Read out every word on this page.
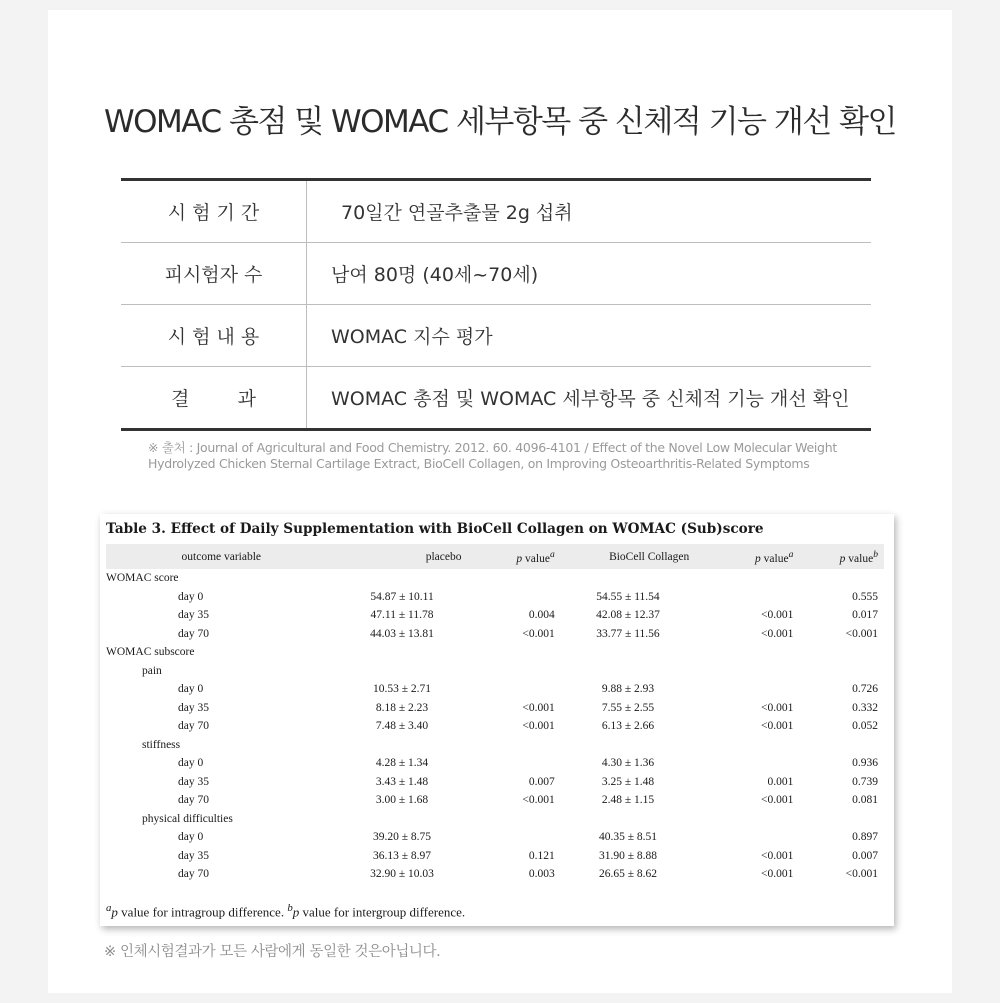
WOMAC 총점 및 WOMAC 세부항목 중 신체적 기능 개선 확인
시 험 기 간	70일간 연골추출물 2g 섭취
피시험자 수	남여 80명 (40세~70세)
시 험 내 용	WOMAC 지수 평가
결        과	WOMAC 총점 및 WOMAC 세부항목 중 신체적 기능 개선 확인
※ 출처 : Journal of Agricultural and Food Chemistry. 2012. 60. 4096-4101 / Effect of the Novel Low Molecular Weight Hydrolyzed Chicken Sternal Cartilage Extract, BioCell Collagen, on Improving Osteoarthritis-Related Symptoms
Table 3. Effect of Daily Supplementation with BioCell Collagen on WOMAC (Sub)score
outcome variable	placebo	p value$^a$	BioCell Collagen	p value$^a$	p value$^b$
WOMAC score					
day 0	54.87 ± 10.11		54.55 ± 11.54		0.555
day 35	47.11 ± 11.78	0.004	42.08 ± 12.37	<0.001	0.017
day 70	44.03 ± 13.81	<0.001	33.77 ± 11.56	<0.001	<0.001
WOMAC subscore					
pain					
day 0	10.53 ± 2.71		9.88 ± 2.93		0.726
day 35	8.18 ± 2.23	<0.001	7.55 ± 2.55	<0.001	0.332
day 70	7.48 ± 3.40	<0.001	6.13 ± 2.66	<0.001	0.052
stiffness					
day 0	4.28 ± 1.34		4.30 ± 1.36		0.936
day 35	3.43 ± 1.48	0.007	3.25 ± 1.48	0.001	0.739
day 70	3.00 ± 1.68	<0.001	2.48 ± 1.15	<0.001	0.081
physical difficulties					
day 0	39.20 ± 8.75		40.35 ± 8.51		0.897
day 35	36.13 ± 8.97	0.121	31.90 ± 8.88	<0.001	0.007
day 70	32.90 ± 10.03	0.003	26.65 ± 8.62	<0.001	<0.001
$^a$p value for intragroup difference. $^b$p value for intergroup difference.
※ 인체시험결과가 모든 사람에게 동일한 것은아닙니다.
